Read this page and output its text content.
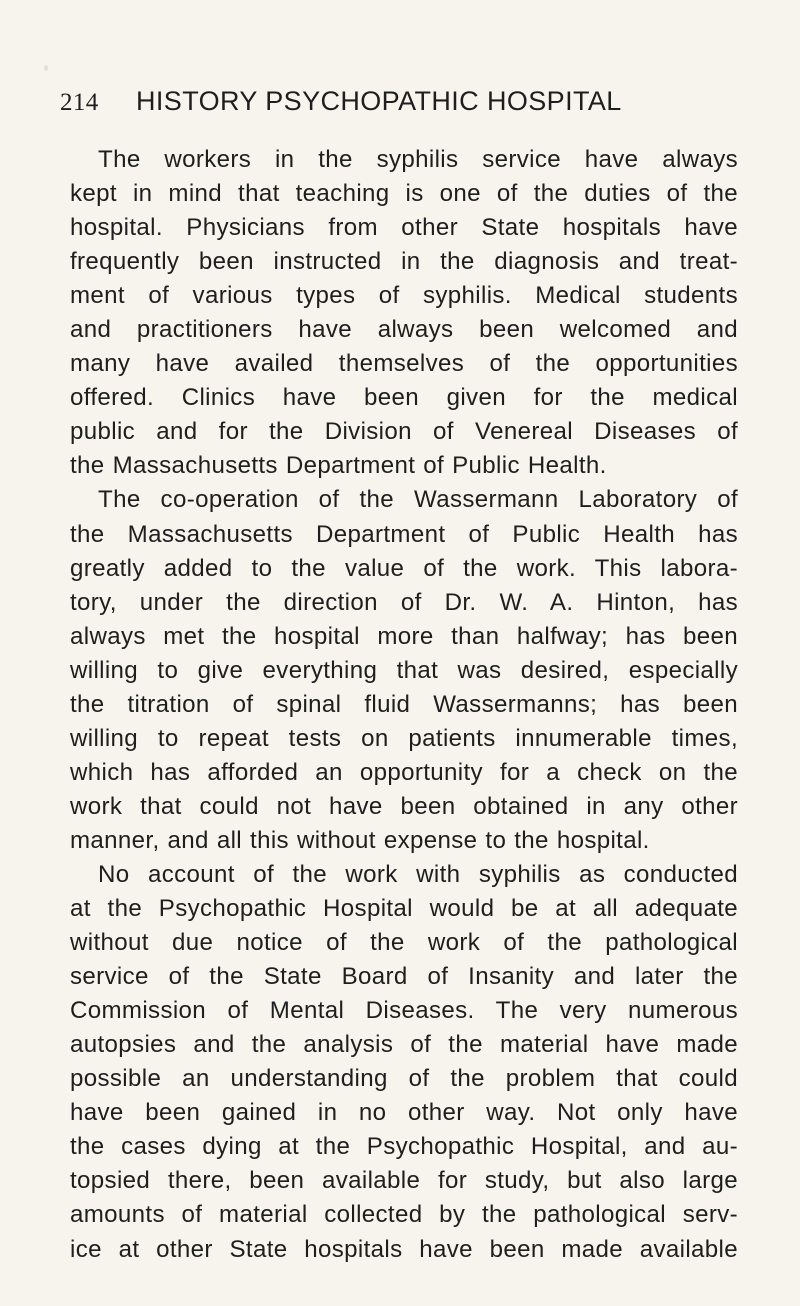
214 HISTORY PSYCHOPATHIC HOSPITAL
The workers in the syphilis service have always
kept in mind that teaching is one of the duties of the
hospital. Physicians from other State hospitals have
frequently been instructed in the diagnosis and treat-
ment of various types of syphilis. Medical students
and practitioners have always been welcomed and
many have availed themselves of the opportunities
offered. Clinics have been given for the medical
public and for the Division of Venereal Diseases of
the Massachusetts Department of Public Health.
The co-operation of the Wassermann Laboratory of
the Massachusetts Department of Public Health has
greatly added to the value of the work. This labora-
tory, under the direction of Dr. W. A. Hinton, has
always met the hospital more than halfway; has been
willing to give everything that was desired, especially
the titration of spinal fluid Wassermanns; has been
willing to repeat tests on patients innumerable times,
which has afforded an opportunity for a check on the
work that could not have been obtained in any other
manner, and all this without expense to the hospital.
No account of the work with syphilis as conducted
at the Psychopathic Hospital would be at all adequate
without due notice of the work of the pathological
service of the State Board of Insanity and later the
Commission of Mental Diseases. The very numerous
autopsies and the analysis of the material have made
possible an understanding of the problem that could
have been gained in no other way. Not only have
the cases dying at the Psychopathic Hospital, and au-
topsied there, been available for study, but also large
amounts of material collected by the pathological serv-
ice at other State hospitals have been made available
